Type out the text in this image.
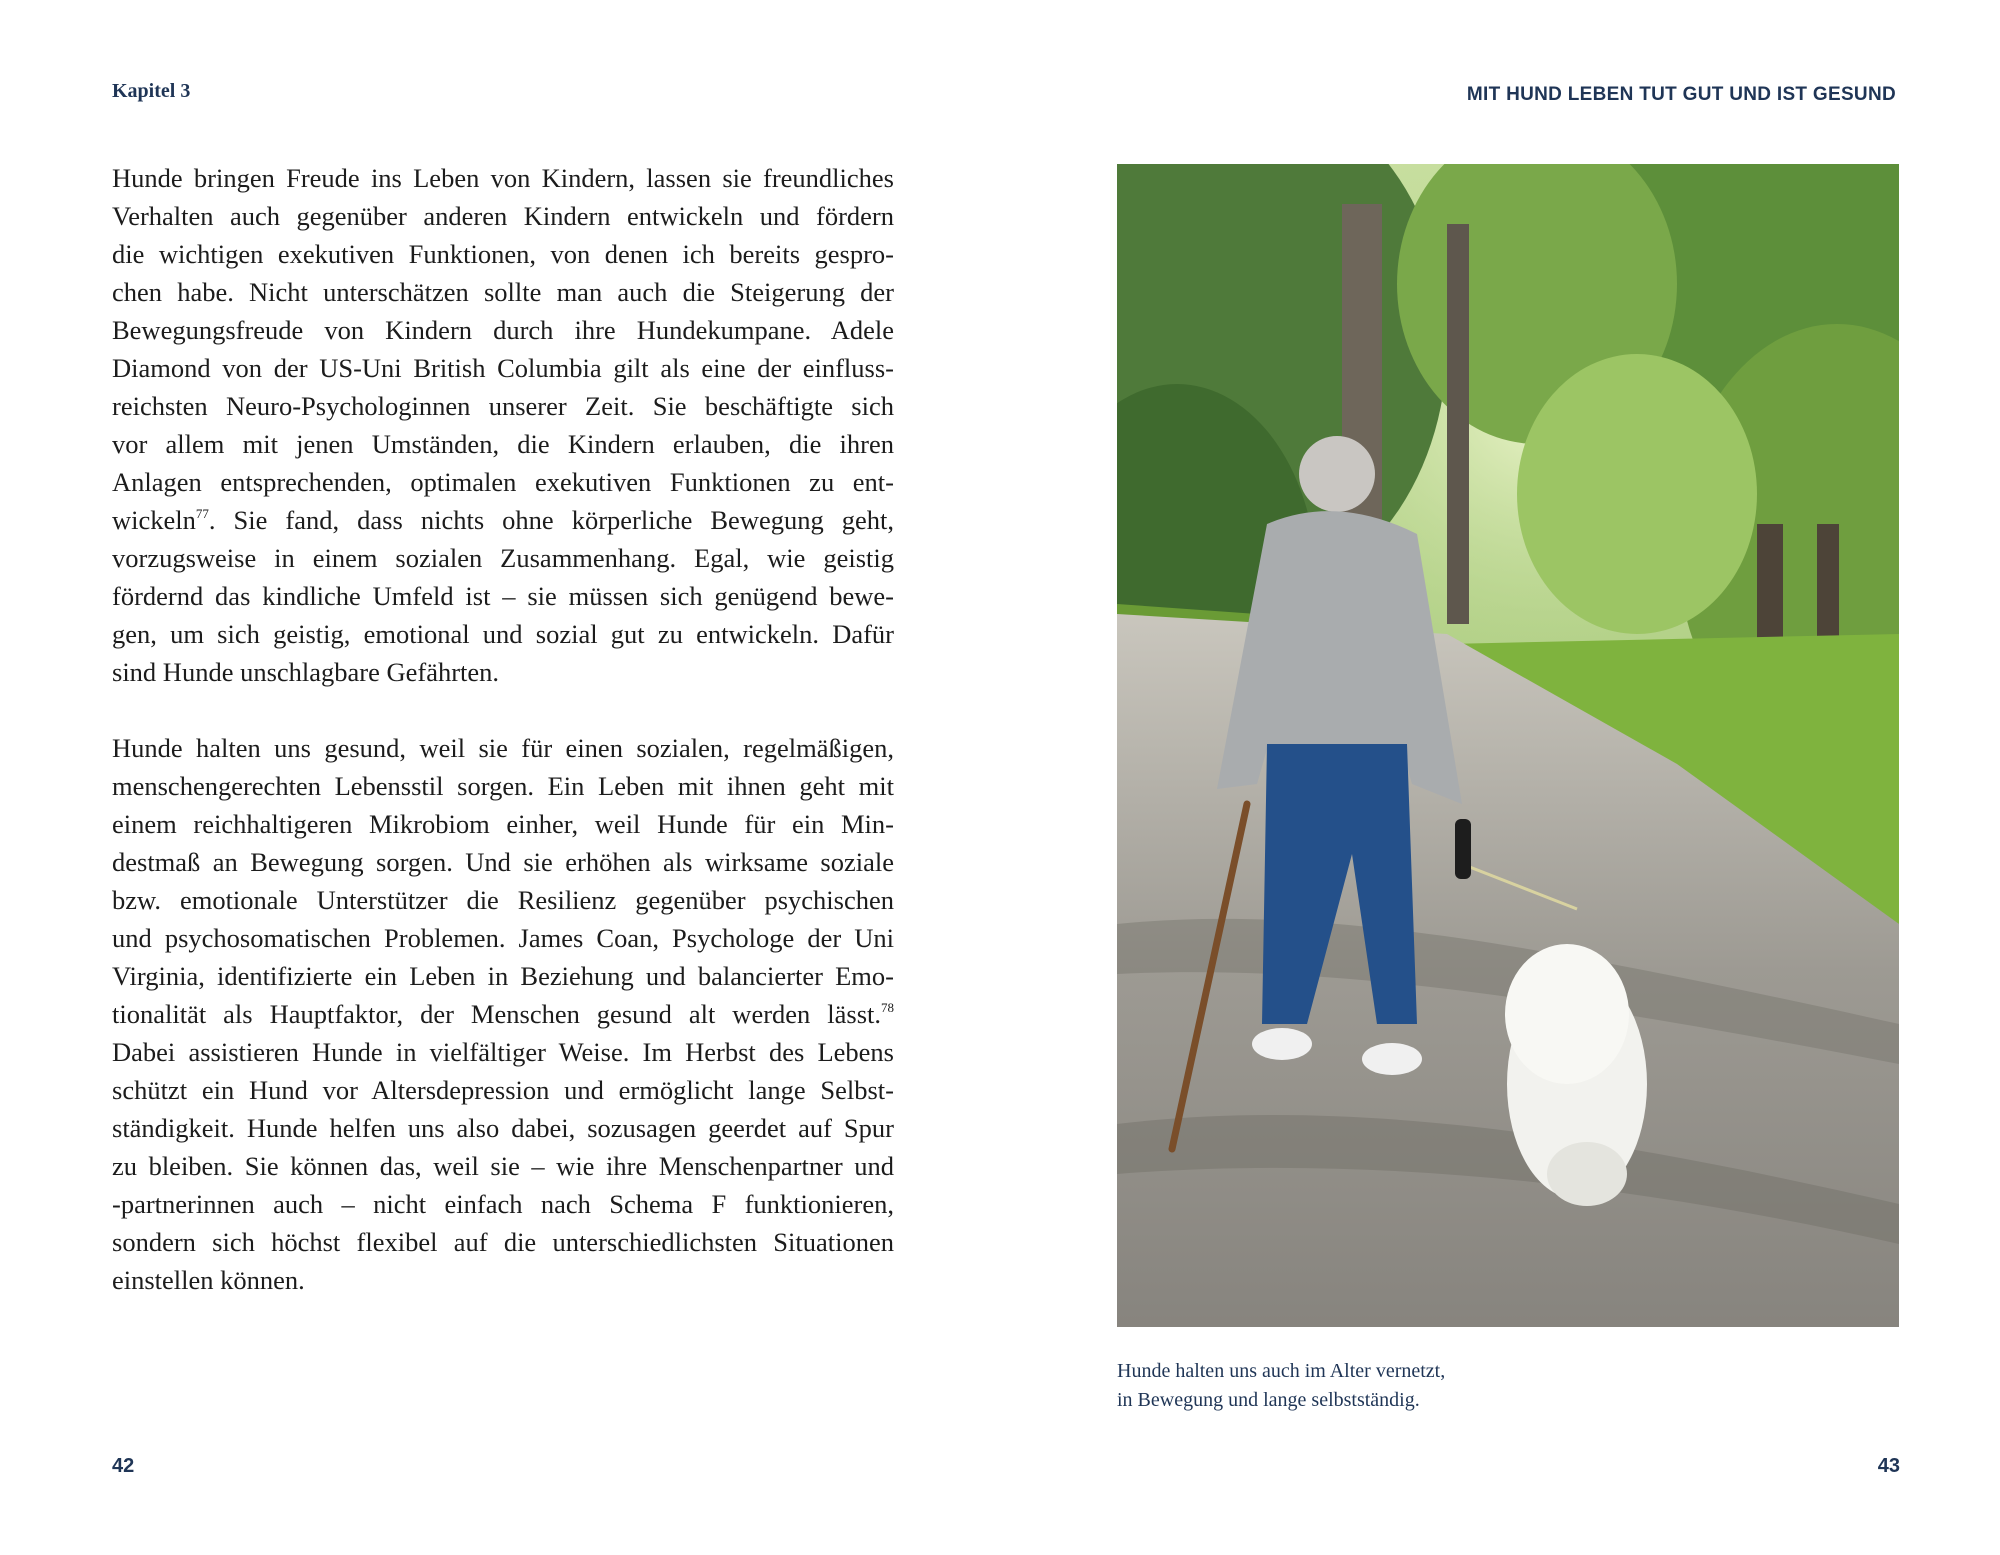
Kapitel 3
Hunde bringen Freude ins Leben von Kindern, lassen sie freundliches
Verhalten auch gegenüber anderen Kindern entwickeln und fördern
die wichtigen exekutiven Funktionen, von denen ich bereits gespro-
chen habe. Nicht unterschätzen sollte man auch die Steigerung der
Bewegungsfreude von Kindern durch ihre Hundekumpane. Adele
Diamond von der US-Uni British Columbia gilt als eine der einfluss-
reichsten Neuro-Psychologinnen unserer Zeit. Sie beschäftigte sich
vor allem mit jenen Umständen, die Kindern erlauben, die ihren
Anlagen entsprechenden, optimalen exekutiven Funktionen zu ent-
wickeln$^{77}$. Sie fand, dass nichts ohne körperliche Bewegung geht,
vorzugsweise in einem sozialen Zusammenhang. Egal, wie geistig
fördernd das kindliche Umfeld ist – sie müssen sich genügend bewe-
gen, um sich geistig, emotional und sozial gut zu entwickeln. Dafür
sind Hunde unschlagbare Gefährten.
Hunde halten uns gesund, weil sie für einen sozialen, regelmäßigen,
menschengerechten Lebensstil sorgen. Ein Leben mit ihnen geht mit
einem reichhaltigeren Mikrobiom einher, weil Hunde für ein Min-
destmaß an Bewegung sorgen. Und sie erhöhen als wirksame soziale
bzw. emotionale Unterstützer die Resilienz gegenüber psychischen
und psychosomatischen Problemen. James Coan, Psychologe der Uni
Virginia, identifizierte ein Leben in Beziehung und balancierter Emo-
tionalität als Hauptfaktor, der Menschen gesund alt werden lässt.$^{78}$
Dabei assistieren Hunde in vielfältiger Weise. Im Herbst des Lebens
schützt ein Hund vor Altersdepression und ermöglicht lange Selbst-
ständigkeit. Hunde helfen uns also dabei, sozusagen geerdet auf Spur
zu bleiben. Sie können das, weil sie – wie ihre Menschenpartner und
-partnerinnen auch – nicht einfach nach Schema F funktionieren,
sondern sich höchst flexibel auf die unterschiedlichsten Situationen
einstellen können.
42
MIT HUND LEBEN TUT GUT UND IST GESUND
Hunde halten uns auch im Alter vernetzt,
in Bewegung und lange selbstständig.
43
